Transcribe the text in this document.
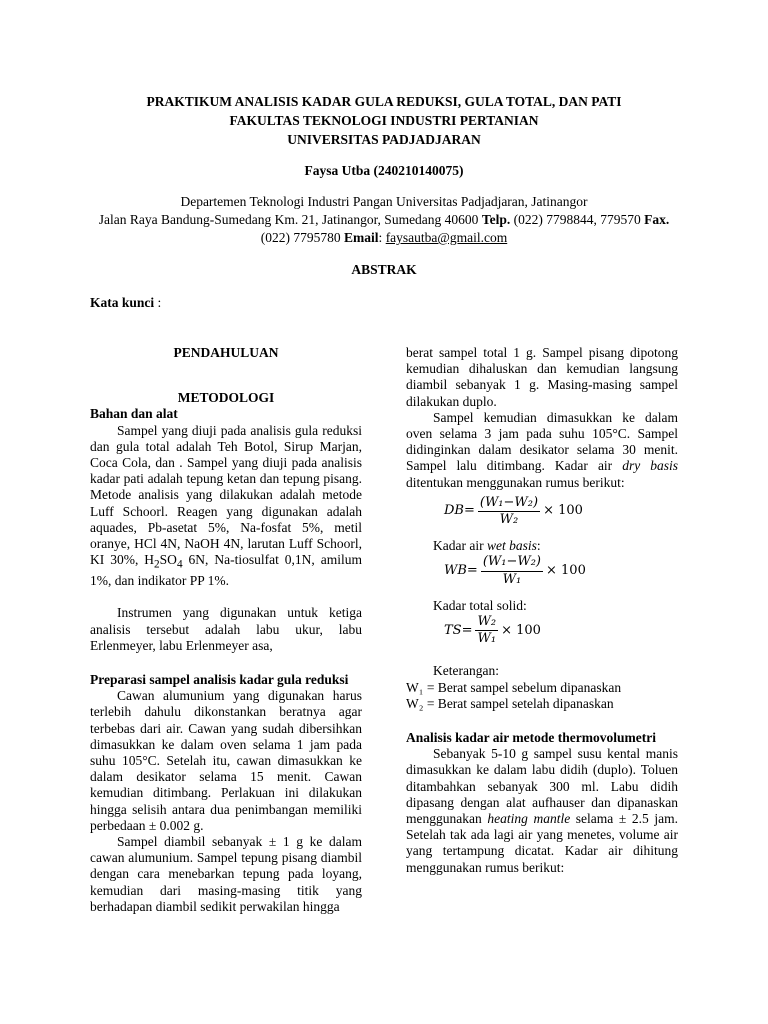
PRAKTIKUM ANALISIS KADAR GULA REDUKSI, GULA TOTAL, DAN PATI
FAKULTAS TEKNOLOGI INDUSTRI PERTANIAN
UNIVERSITAS PADJADJARAN
Faysa Utba (240210140075)
Departemen Teknologi Industri Pangan Universitas Padjadjaran, Jatinangor
Jalan Raya Bandung-Sumedang Km. 21, Jatinangor, Sumedang 40600 Telp. (022) 7798844, 779570 Fax.
(022) 7795780 Email: faysautba@gmail.com
ABSTRAK
Kata kunci :
PENDAHULUAN
METODOLOGI
Bahan dan alat

Sampel yang diuji pada analisis gula reduksi dan gula total adalah Teh Botol, Sirup Marjan, Coca Cola, dan . Sampel yang diuji pada analisis kadar pati adalah tepung ketan dan tepung pisang. Metode analisis yang dilakukan adalah metode Luff Schoorl. Reagen yang digunakan adalah aquades, Pb-asetat 5%, Na-fosfat 5%, metil oranye, HCl 4N, NaOH 4N, larutan Luff Schoorl, KI 30%, $H_2SO_4$ 6N, Na-tiosulfat 0,1N, amilum 1%, dan indikator PP 1%.

Instrumen yang digunakan untuk ketiga analisis tersebut adalah labu ukur, labu Erlenmeyer, labu Erlenmeyer asa,

Preparasi sampel analisis kadar gula reduksi

Cawan alumunium yang digunakan harus terlebih dahulu dikonstankan beratnya agar terbebas dari air. Cawan yang sudah dibersihkan dimasukkan ke dalam oven selama 1 jam pada suhu 105°C. Setelah itu, cawan dimasukkan ke dalam desikator selama 15 menit. Cawan kemudian ditimbang. Perlakuan ini dilakukan hingga selisih antara dua penimbangan memiliki perbedaan ± 0.002 g.

Sampel diambil sebanyak ± 1 g ke dalam cawan alumunium. Sampel tepung pisang diambil dengan cara menebarkan tepung pada loyang, kemudian dari masing-masing titik yang berhadapan diambil sedikit perwakilan hingga

berat sampel total 1 g. Sampel pisang dipotong kemudian dihaluskan dan kemudian langsung diambil sebanyak 1 g. Masing-masing sampel dilakukan duplo.

Sampel kemudian dimasukkan ke dalam oven selama 3 jam pada suhu 105°C. Sampel didinginkan dalam desikator selama 30 menit. Sampel lalu ditimbang. Kadar air dry basis ditentukan menggunakan rumus berikut:

$DB= \frac{\text{(W₁−W₂)}}{\text{W₂}} \times 100$
Kadar air wet basis:
$WB= \frac{\text{(W₁−W₂)}}{\text{W₁}} \times 100$
Kadar total solid:
$TS= \frac{\text{W₂}}{\text{W₁}} \times 100$
Keterangan:
W₁ = Berat sampel sebelum dipanaskan
W₂ = Berat sampel setelah dipanaskan
Analisis kadar air metode thermovolumetri

Sebanyak 5-10 g sampel susu kental manis dimasukkan ke dalam labu didih (duplo). Toluen ditambahkan sebanyak 300 ml. Labu didih dipasang dengan alat aufhauser dan dipanaskan menggunakan heating mantle selama ± 2.5 jam. Setelah tak ada lagi air yang menetes, volume air yang tertampung dicatat. Kadar air dihitung menggunakan rumus berikut:
